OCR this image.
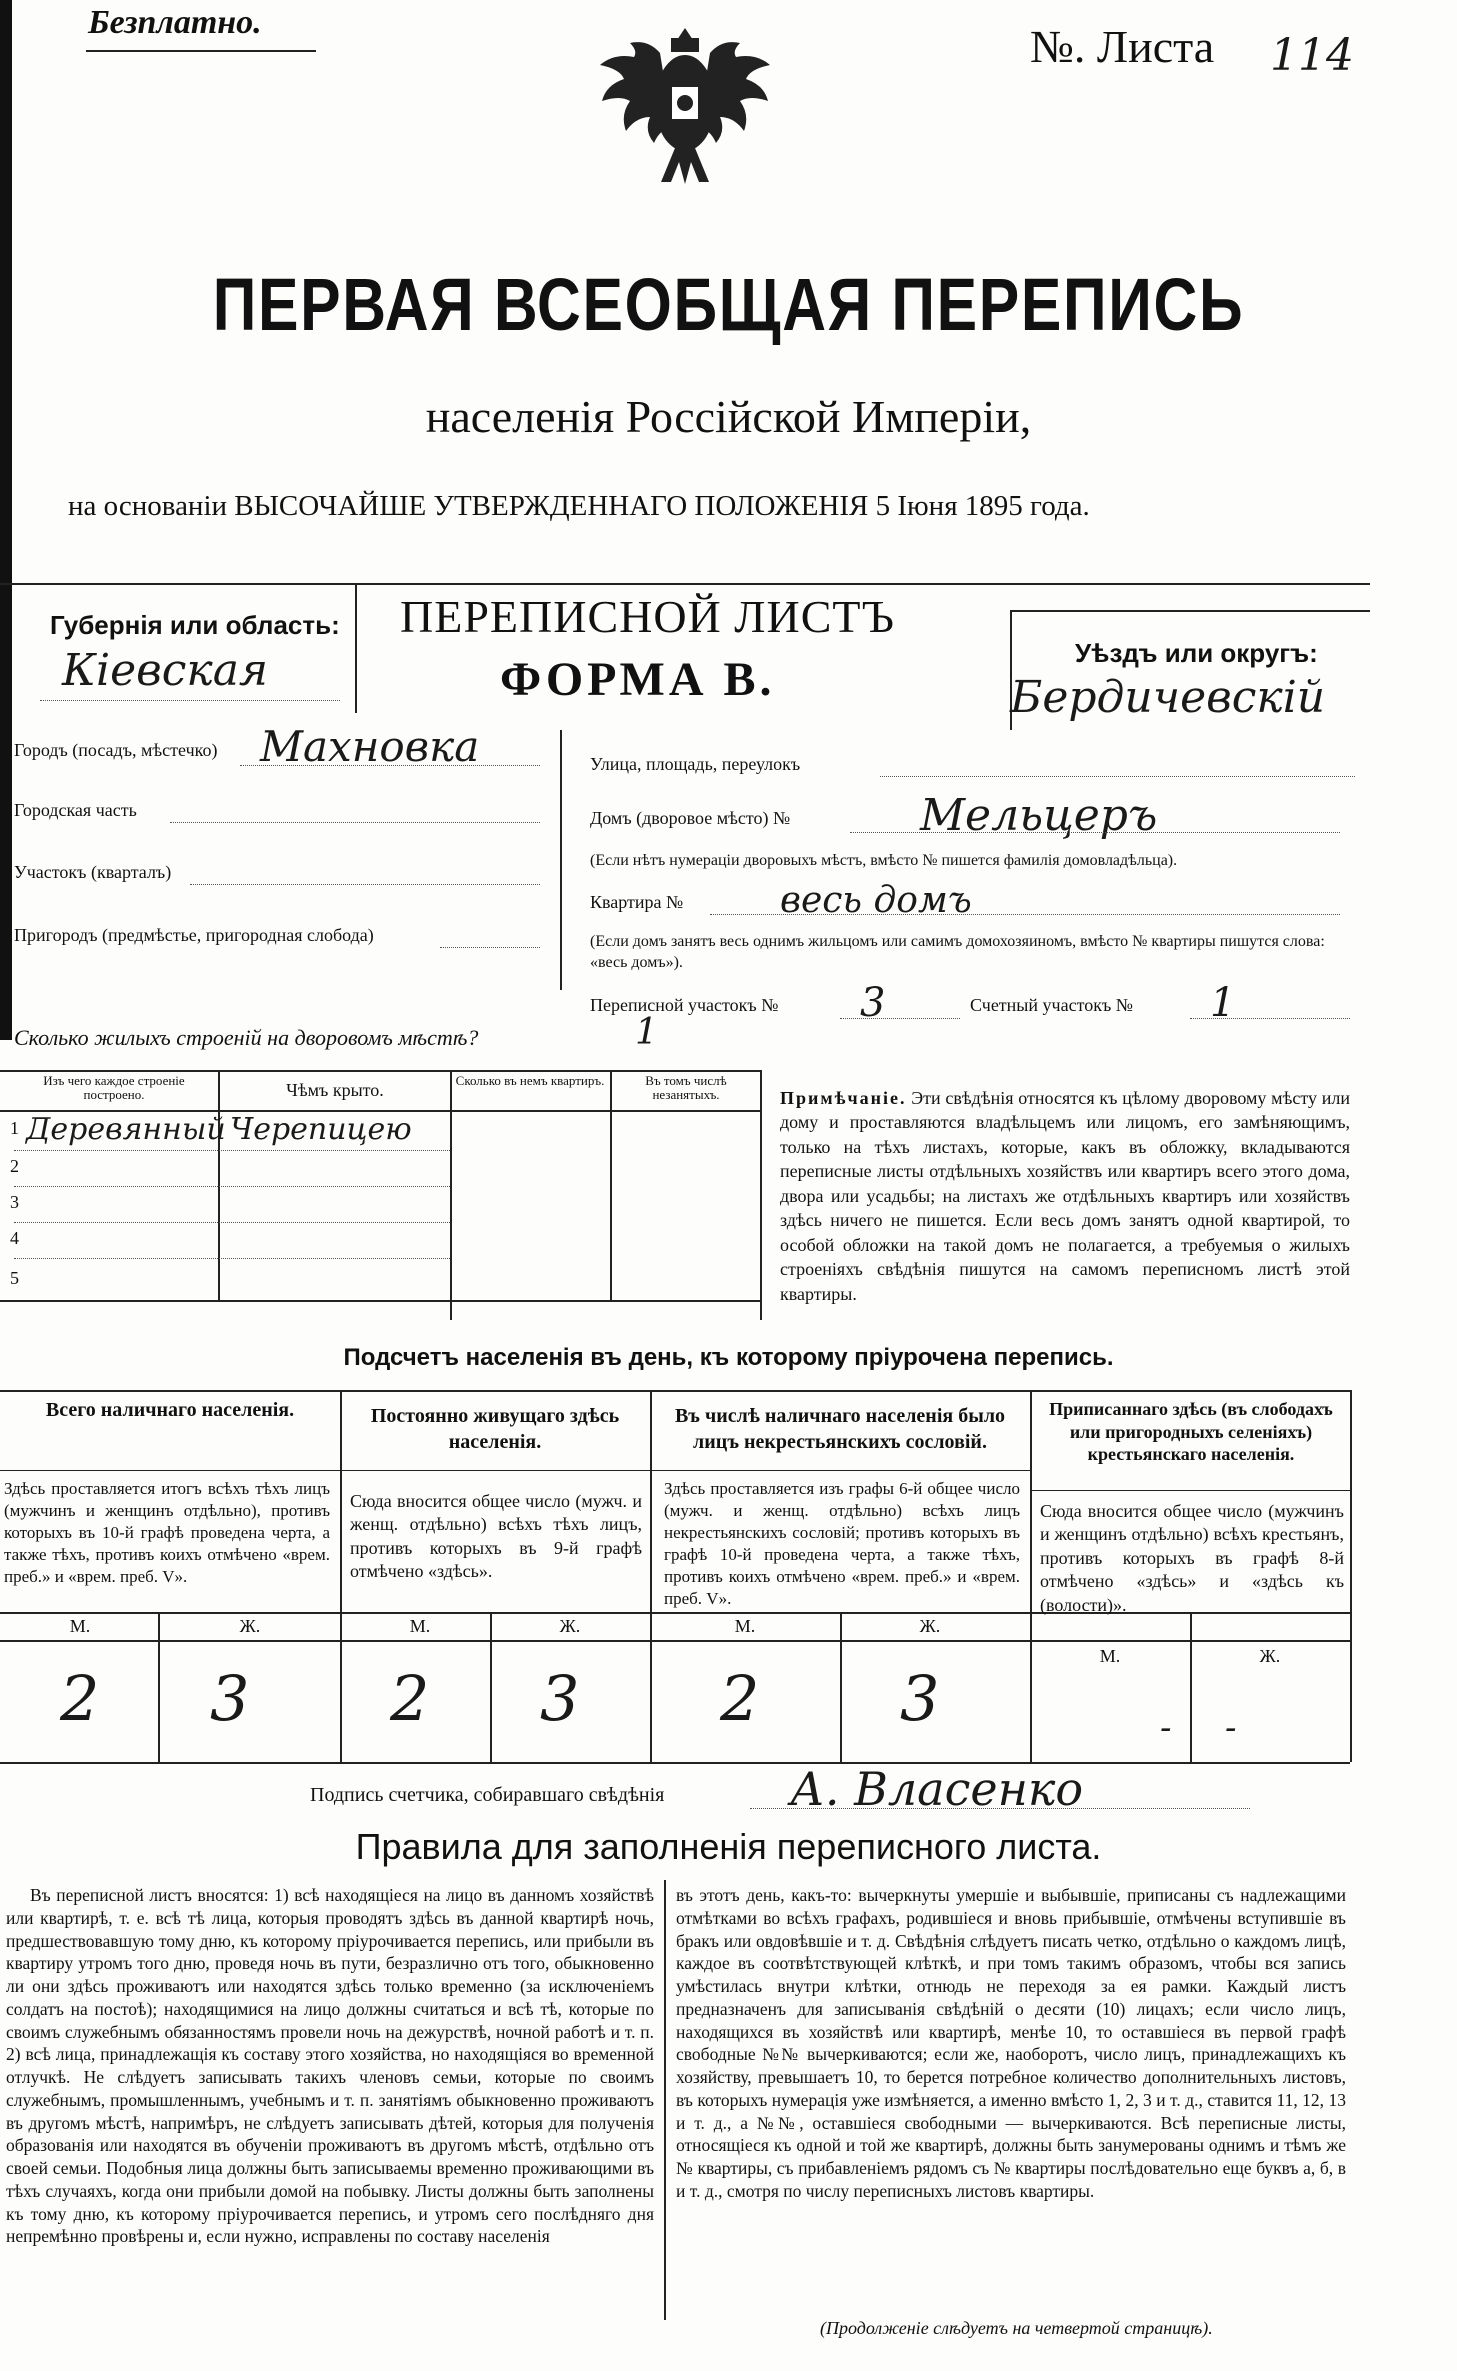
Безплатно.	№. Листа 114
ПЕРВАЯ ВСЕОБЩАЯ ПЕРЕПИСЬ
населенія Россійской Имперіи,
на основаніи ВЫСОЧАЙШЕ УТВЕРЖДЕННАГО ПОЛОЖЕНІЯ 5 Іюня 1895 года.
Губернія или область:
Кіевская
ПЕРЕПИСНОЙ ЛИСТЪ
ФОРМА В.	Уѣздъ или округъ:
Бердичевскій
Городъ (посадъ, мѣстечко) Махновка
Городская часть
Участокъ (кварталъ)
Пригородъ (предмѣстье, пригородная слобода)
Улица, площадь, переулокъ
Домъ (дворовое мѣсто) №	Мельцеръ
(Если нѣтъ нумераціи дворовыхъ мѣстъ, вмѣсто № пишется фамилія домовладѣльца).
Квартира №	весь домъ
(Если домъ занятъ весь однимъ жильцомъ или самимъ домохозяиномъ, вмѣсто № квартиры пишутся слова: «весь домъ»).
Переписной участокъ № 3	Счетный участокъ № 1
Сколько жилыхъ строеній на дворовомъ мѣстѣ?	1
Изъ чего каждое строеніе построено.	Чѣмъ крыто.	Сколько въ немъ квартиръ.	Въ томъ числѣ незанятыхъ.
1 Деревянный Черепицею
2
3
4
5
Примѣчаніе. Эти свѣдѣнія относятся къ цѣлому дворовому мѣсту или дому и проставляются владѣльцемъ или лицомъ, его замѣняющимъ, только на тѣхъ листахъ, которые, какъ въ обложку, вкладываются переписные листы отдѣльныхъ хозяйствъ или квартиръ всего этого дома, двора или усадьбы; на листахъ же отдѣльныхъ квартиръ или хозяйствъ здѣсь ничего не пишется. Если весь домъ занятъ одной квартирой, то особой обложки на такой домъ не полагается, а требуемыя о жилыхъ строеніяхъ свѣдѣнія пишутся на самомъ переписномъ листѣ этой квартиры.
Подсчетъ населенія въ день, къ которому пріурочена перепись.
Всего наличнаго населенія.
Здѣсь проставляется итогъ всѣхъ тѣхъ лицъ (мужчинъ и женщинъ отдѣльно), противъ которыхъ въ 10-й графѣ проведена черта, а также тѣхъ, противъ коихъ отмѣчено «врем. преб.» и «врем. преб. V».
М.	Ж.
2 3
Постоянно живущаго здѣсь населенія.
Сюда вносится общее число (мужч. и женщ. отдѣльно) всѣхъ тѣхъ лицъ, противъ которыхъ въ 9-й графѣ отмѣчено «здѣсь».
М.	Ж.
2 3
Въ числѣ наличнаго населенія было лицъ некрестьянскихъ сословій.
Здѣсь проставляется изъ графы 6-й общее число (мужч. и женщ. отдѣльно) всѣхъ лицъ некрестьянскихъ сословій; противъ которыхъ въ графѣ 10-й проведена черта, а также тѣхъ, противъ коихъ отмѣчено «врем. преб.» и «врем. преб. V».
М.	Ж.
2 3
Приписаннаго здѣсь (въ слободахъ или пригородныхъ селеніяхъ) крестьянскаго населенія.
Сюда вносится общее число (мужчинъ и женщинъ отдѣльно) всѣхъ крестьянъ, противъ которыхъ въ графѣ 8-й отмѣчено «здѣсь» и «здѣсь къ (волости)».
М.	Ж.
- -
Подпись счетчика, собиравшаго свѣдѣнія	А. Власенко
Правила для заполненія переписного листа.
Въ переписной листъ вносятся: 1) всѣ находящіеся на лицо въ данномъ хозяйствѣ или квартирѣ, т. е. всѣ тѣ лица, которыя проводятъ здѣсь въ данной квартирѣ ночь, предшествовавшую тому дню, къ которому пріурочивается перепись, или прибыли въ квартиру утромъ того дню, проведя ночь въ пути, безразлично отъ того, обыкновенно ли они здѣсь проживаютъ или находятся здѣсь только временно (за исключеніемъ солдатъ на постоѣ); находящимися на лицо должны считаться и всѣ тѣ, которые по своимъ служебнымъ обязанностямъ провели ночь на дежурствѣ, ночной работѣ и т. п. 2) всѣ лица, принадлежащія къ составу этого хозяйства, но находящіяся во временной отлучкѣ. Не слѣдуетъ записывать такихъ членовъ семьи, которые по своимъ служебнымъ, промышленнымъ, учебнымъ и т. п. занятіямъ обыкновенно проживаютъ въ другомъ мѣстѣ, напримѣръ, не слѣдуетъ записывать дѣтей, которыя для полученія образованія или находятся въ обученіи проживаютъ въ другомъ мѣстѣ, отдѣльно отъ своей семьи. Подобныя лица должны быть записываемы временно проживающими въ тѣхъ случаяхъ, когда они прибыли домой на побывку. Листы должны быть заполнены къ тому дню, къ которому пріурочивается перепись, и утромъ сего послѣдняго дня непремѣнно провѣрены и, если нужно, исправлены по составу населенія
въ этотъ день, какъ-то: вычеркнуты умершіе и выбывшіе, приписаны съ надлежащими отмѣтками во всѣхъ графахъ, родившіеся и вновь прибывшіе, отмѣчены вступившіе въ бракъ или овдовѣвшіе и т. д. Свѣдѣнія слѣдуетъ писать четко, отдѣльно о каждомъ лицѣ, каждое въ соотвѣтствующей клѣткѣ, и при томъ такимъ образомъ, чтобы вся запись умѣстилась внутри клѣтки, отнюдь не переходя за ея рамки. Каждый листъ предназначенъ для записыванія свѣдѣній о десяти (10) лицахъ; если число лицъ, находящихся въ хозяйствѣ или квартирѣ, менѣе 10, то оставшіеся въ первой графѣ свободные №№ вычеркиваются; если же, наоборотъ, число лицъ, принадлежащихъ къ хозяйству, превышаетъ 10, то берется потребное количество дополнительныхъ листовъ, въ которыхъ нумерація уже измѣняется, а именно вмѣсто 1, 2, 3 и т. д., ставится 11, 12, 13 и т. д., а №№, оставшіеся свободными — вычеркиваются. Всѣ переписные листы, относящіеся къ одной и той же квартирѣ, должны быть занумерованы однимъ и тѣмъ же № квартиры, съ прибавленіемъ рядомъ съ № квартиры послѣдовательно еще буквъ а, б, в и т. д., смотря по числу переписныхъ листовъ квартиры.
(Продолженіе слѣдуетъ на четвертой страницѣ).
